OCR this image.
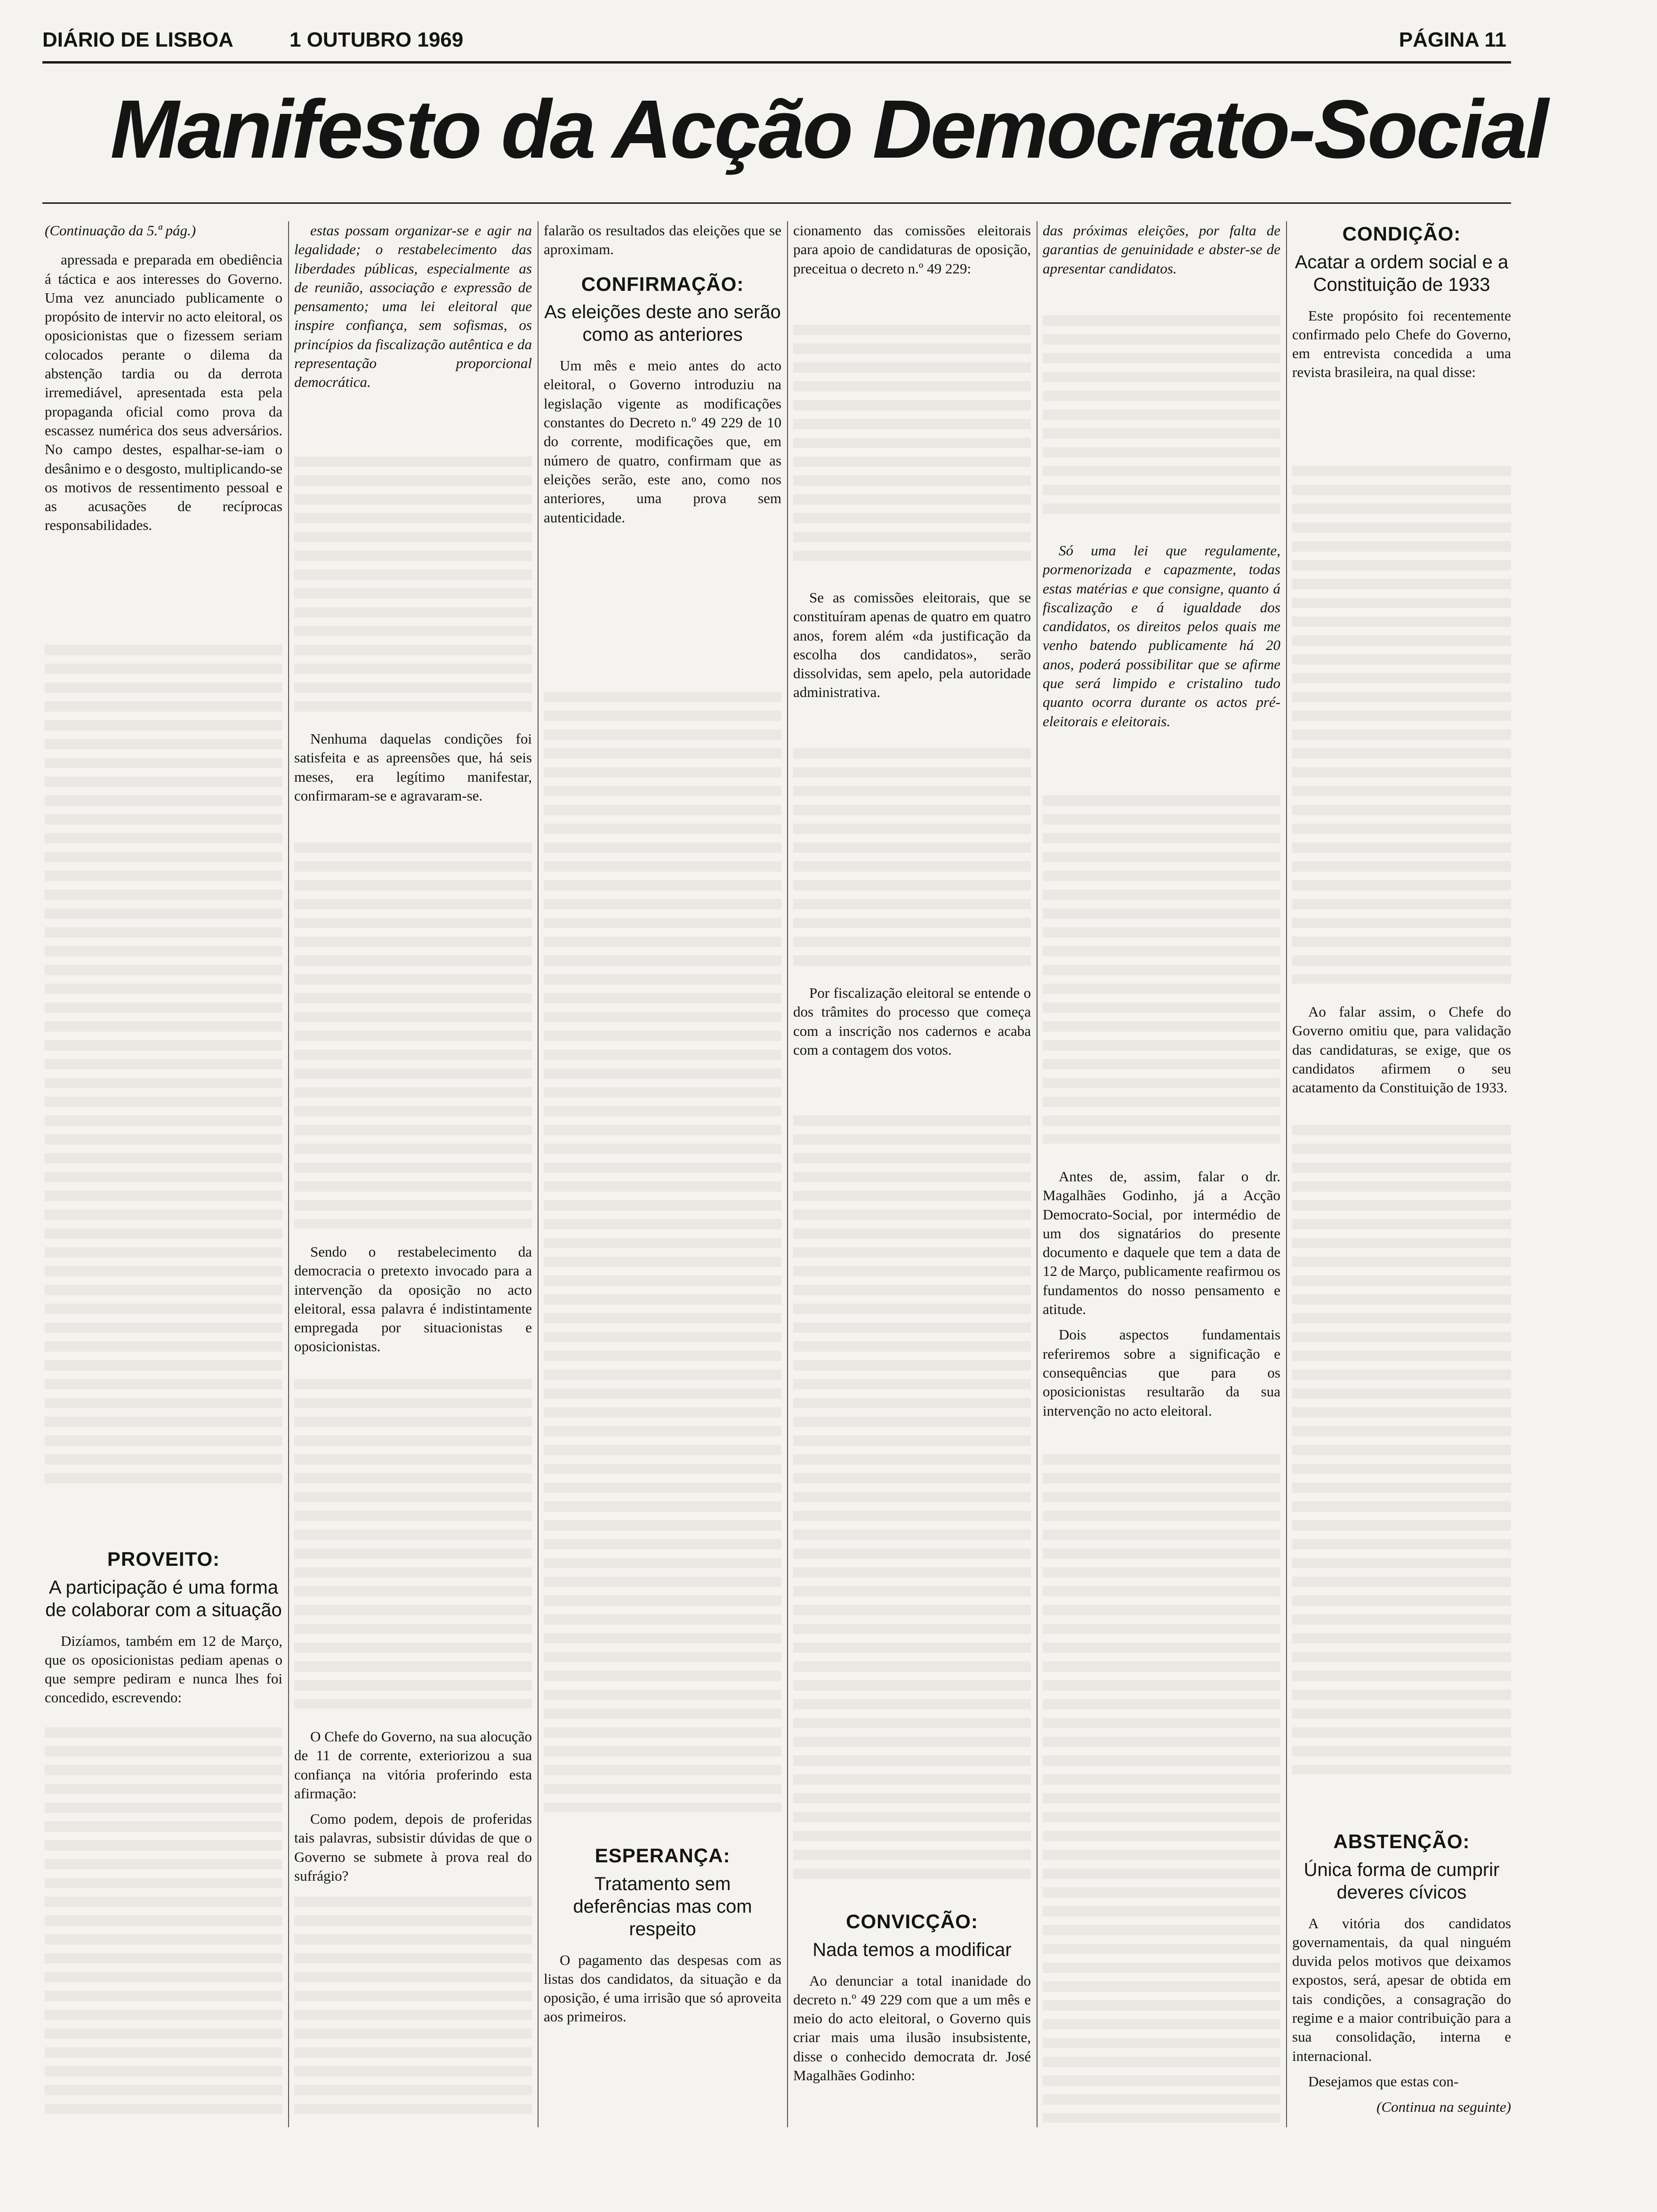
DIÁRIO DE LISBOA	1 OUTUBRO 1969	PÁGINA 11
Manifesto da Acção Democrato-Social

(Continuação da 5.ª pág.)

apressada e preparada em obediência á táctica e aos interesses do Governo. Uma vez anunciado publicamente o propósito de intervir no acto eleitoral, os oposicionistas que o fizessem seriam colocados perante o dilema da abstenção tardia ou da derrota irremediável, apresentada esta pela propaganda oficial como prova da escassez numérica dos seus adversários. No campo destes, espalhar-se-iam o desânimo e o desgosto, multiplicando-se os motivos de ressentimento pessoal e as acusações de recíprocas responsabilidades.

PROVEITO:
A participação é uma forma de colaborar com a situação

Dizíamos, também em 12 de Março, que os oposicionistas pediam apenas o que sempre pediram e nunca lhes foi concedido, escrevendo:

estas possam organizar-se e agir na legalidade; o restabelecimento das liberdades públicas, especialmente as de reunião, associação e expressão de pensamento; uma lei eleitoral que inspire confiança, sem sofismas, os princípios da fiscalização autêntica e da representação proporcional democrática.

Nenhuma daquelas condições foi satisfeita e as apreensões que, há seis meses, era legítimo manifestar, confirmaram-se e agravaram-se.

Sendo o restabelecimento da democracia o pretexto invocado para a intervenção da oposição no acto eleitoral, essa palavra é indistintamente empregada por situacionistas e oposicionistas.

O Chefe do Governo, na sua alocução de 11 de corrente, exteriorizou a sua confiança na vitória proferindo esta afirmação:

Como podem, depois de proferidas tais palavras, subsistir dúvidas de que o Governo se submete à prova real do sufrágio?

falarão os resultados das eleições que se aproximam.

CONFIRMAÇÃO:
As eleições deste ano serão como as anteriores

Um mês e meio antes do acto eleitoral, o Governo introduziu na legislação vigente as modificações constantes do Decreto n.º 49 229 de 10 do corrente, modificações que, em número de quatro, confirmam que as eleições serão, este ano, como nos anteriores, uma prova sem autenticidade.

ESPERANÇA:
Tratamento sem deferências mas com respeito

O pagamento das despesas com as listas dos candidatos, da situação e da oposição, é uma irrisão que só aproveita aos primeiros.

cionamento das comissões eleitorais para apoio de candidaturas de oposição, preceitua o decreto n.º 49 229:

Se as comissões eleitorais, que se constituíram apenas de quatro em quatro anos, forem além «da justificação da escolha dos candidatos», serão dissolvidas, sem apelo, pela autoridade administrativa.

Por fiscalização eleitoral se entende o dos trâmites do processo que começa com a inscrição nos cadernos e acaba com a contagem dos votos.

CONVICÇÃO:
Nada temos a modificar

Ao denunciar a total inanidade do decreto n.º 49 229 com que a um mês e meio do acto eleitoral, o Governo quis criar mais uma ilusão insubsistente, disse o conhecido democrata dr. José Magalhães Godinho:

das próximas eleições, por falta de garantias de genuinidade e abster-se de apresentar candidatos.

Só uma lei que regulamente, pormenorizada e capazmente, todas estas matérias e que consigne, quanto á fiscalização e á igualdade dos candidatos, os direitos pelos quais me venho batendo publicamente há 20 anos, poderá possibilitar que se afirme que será limpido e cristalino tudo quanto ocorra durante os actos pré-eleitorais e eleitorais.

Antes de, assim, falar o dr. Magalhães Godinho, já a Acção Democrato-Social, por intermédio de um dos signatários do presente documento e daquele que tem a data de 12 de Março, publicamente reafirmou os fundamentos do nosso pensamento e atitude.

Dois aspectos fundamentais referiremos sobre a significação e consequências que para os oposicionistas resultarão da sua intervenção no acto eleitoral.

CONDIÇÃO:
Acatar a ordem social e a Constituição de 1933

Este propósito foi recentemente confirmado pelo Chefe do Governo, em entrevista concedida a uma revista brasileira, na qual disse:

Ao falar assim, o Chefe do Governo omitiu que, para validação das candidaturas, se exige, que os candidatos afirmem o seu acatamento da Constituição de 1933.

ABSTENÇÃO:
Única forma de cumprir deveres cívicos

A vitória dos candidatos governamentais, da qual ninguém duvida pelos motivos que deixamos expostos, será, apesar de obtida em tais condições, a consagração do regime e a maior contribuição para a sua consolidação, interna e internacional.

Desejamos que estas con-

(Continua na seguinte)
